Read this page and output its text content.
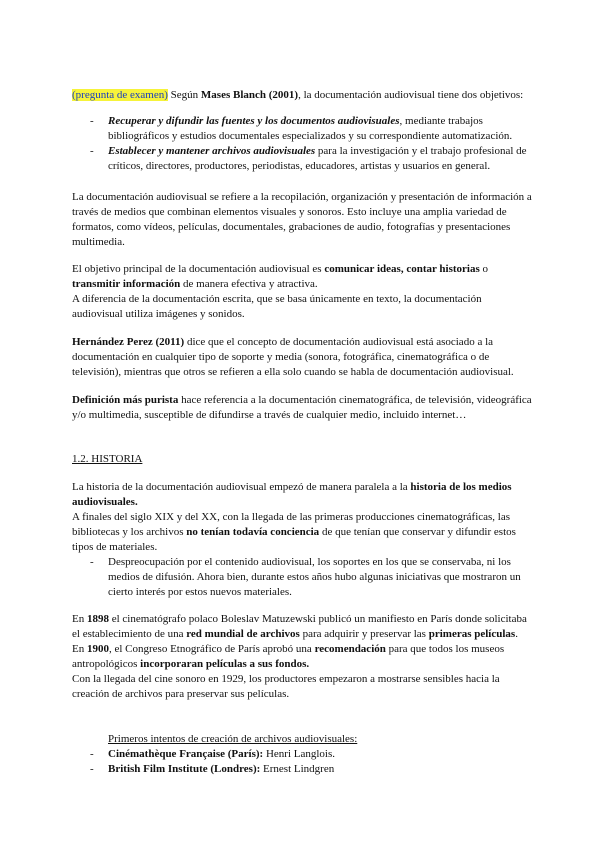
(pregunta de examen) Según Mases Blanch (2001), la documentación audiovisual tiene dos objetivos:
- Recuperar y difundir las fuentes y los documentos audiovisuales, mediante trabajos bibliográficos y estudios documentales especializados y su correspondiente automatización.
- Establecer y mantener archivos audiovisuales para la investigación y el trabajo profesional de críticos, directores, productores, periodistas, educadores, artistas y usuarios en general.
La documentación audiovisual se refiere a la recopilación, organización y presentación de información a través de medios que combinan elementos visuales y sonoros. Esto incluye una amplia variedad de formatos, como vídeos, películas, documentales, grabaciones de audio, fotografías y presentaciones multimedia.

El objetivo principal de la documentación audiovisual es comunicar ideas, contar historias o transmitir información de manera efectiva y atractiva.

A diferencia de la documentación escrita, que se basa únicamente en texto, la documentación audiovisual utiliza imágenes y sonidos.

Hernández Perez (2011) dice que el concepto de documentación audiovisual está asociado a la documentación en cualquier tipo de soporte y media (sonora, fotográfica, cinematográfica o de televisión), mientras que otros se refieren a ella solo cuando se habla de documentación audiovisual.
Definición más purista hace referencia a la documentación cinematográfica, de televisión, videográfica y/o multimedia, susceptible de difundirse a través de cualquier medio, incluido internet…
1.2. HISTORIA

La historia de la documentación audiovisual empezó de manera paralela a la historia de los medios audiovisuales.

A finales del siglo XIX y del XX, con la llegada de las primeras producciones cinematográficas, las bibliotecas y los archivos no tenían todavía conciencia de que tenían que conservar y difundir estos tipos de materiales.

- Despreocupación por el contenido audiovisual, los soportes en los que se conservaba, ni los medios de difusión. Ahora bien, durante estos años hubo algunas iniciativas que mostraron un cierto interés por estos nuevos materiales.

En 1898 el cinematógrafo polaco Boleslav Matuzewski publicó un manifiesto en París donde solicitaba el establecimiento de una red mundial de archivos para adquirir y preservar las primeras películas.

En 1900, el Congreso Etnográfico de París aprobó una recomendación para que todos los museos antropológicos incorporaran películas a sus fondos.

Con la llegada del cine sonoro en 1929, los productores empezaron a mostrarse sensibles hacia la creación de archivos para preservar sus películas.

Primeros intentos de creación de archivos audiovisuales:

- Cinémathèque Française (París): Henri Langlois.
- British Film Institute (Londres): Ernest Lindgren
